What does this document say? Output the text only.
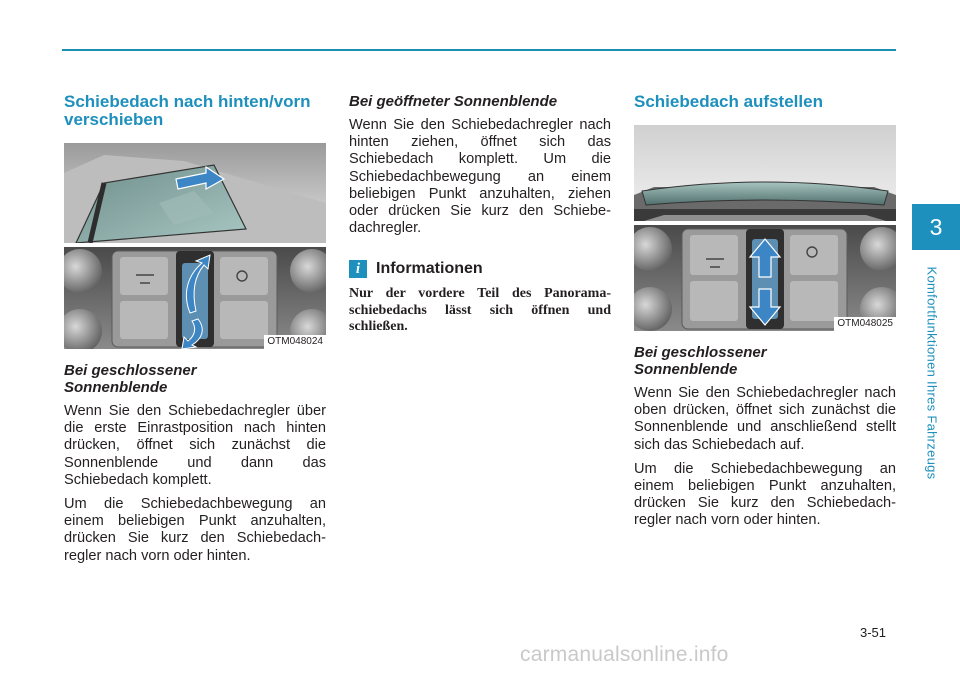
Schiebedach nach hinten/vorn verschieben
OTM048024
Bei geschlossener Sonnenblende

Wenn Sie den Schiebedachregler über die erste Einrastposition nach hinten drücken, öffnet sich zunächst die Sonnenblende und dann das Schiebedach komplett.

Um die Schiebedachbewegung an einem beliebigen Punkt anzuhalten, drücken Sie kurz den Schiebedach-regler nach vorn oder hinten.

Bei geöffneter Sonnenblende

Wenn Sie den Schiebedachregler nach hinten ziehen, öffnet sich das Schiebedach komplett. Um die Schiebedachbewegung an einem beliebigen Punkt anzuhalten, ziehen oder drücken Sie kurz den Schiebe-dachregler.

i Informationen

Nur der vordere Teil des Panorama-schiebedachs lässt sich öffnen und schließen.

Schiebedach aufstellen
OTM048025
Bei geschlossener Sonnenblende

Wenn Sie den Schiebedachregler nach oben drücken, öffnet sich zunächst die Sonnenblende und anschließend stellt sich das Schiebedach auf.

Um die Schiebedachbewegung an einem beliebigen Punkt anzuhalten, drücken Sie kurz den Schiebedach-regler nach vorn oder hinten.

3
Komfortfunktionen Ihres Fahrzeugs
3-51
carmanualsonline.info
